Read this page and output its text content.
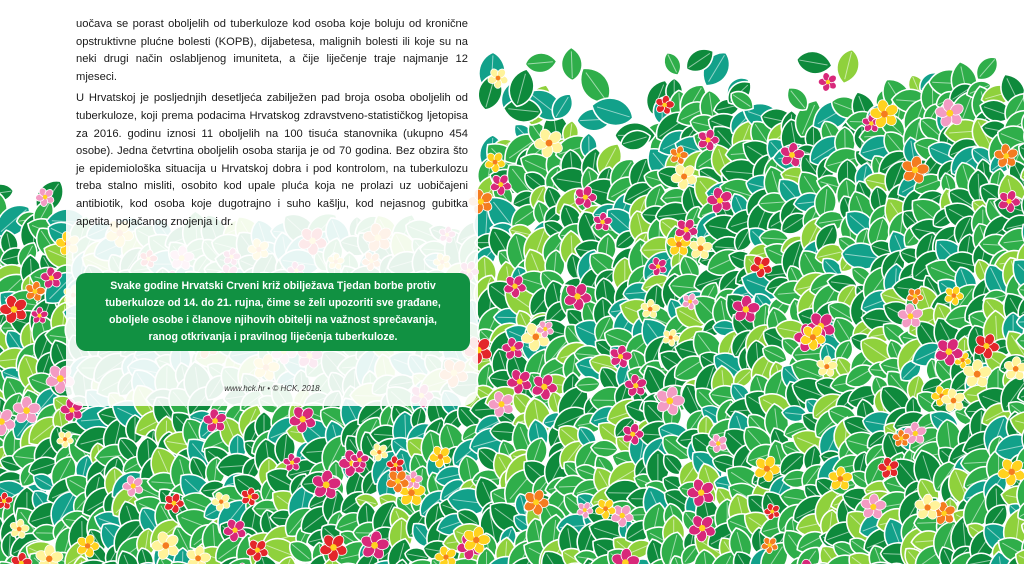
uočava se porast oboljelih od tuberkuloze kod osoba koje boluju od kronične opstruktivne plućne bolesti (KOPB), dijabetesa, malignih bolesti ili koje su na neki drugi način oslabljenog imuniteta, a čije liječenje traje najmanje 12 mjeseci.

U Hrvatskoj je posljednjih desetljeća zabilježen pad broja osoba oboljelih od tuberkuloze, koji prema podacima Hrvatskog zdravstveno-statističkog ljetopisa za 2016. godinu iznosi 11 oboljelih na 100 tisuća stanovnika (ukupno 454 osobe). Jedna četvrtina oboljelih osoba starija je od 70 godina. Bez obzira što je epidemiološka situacija u Hrvatskoj dobra i pod kontrolom, na tuberkulozu treba stalno misliti, osobito kod upale pluća koja ne prolazi uz uobičajeni antibiotik, kod osoba koje dugotrajno i suho kašlju, kod nejasnog gubitka apetita, pojačanog znojenja i dr.

Svake godine Hrvatski Crveni križ obilježava Tjedan borbe protiv tuberkuloze od 14. do 21. rujna, čime se želi upozoriti sve građane, oboljele osobe i članove njihovih obitelji na važnost sprečavanja, ranog otkrivanja i pravilnog liječenja tuberkuloze.
www.hck.hr • © HCK, 2018.
